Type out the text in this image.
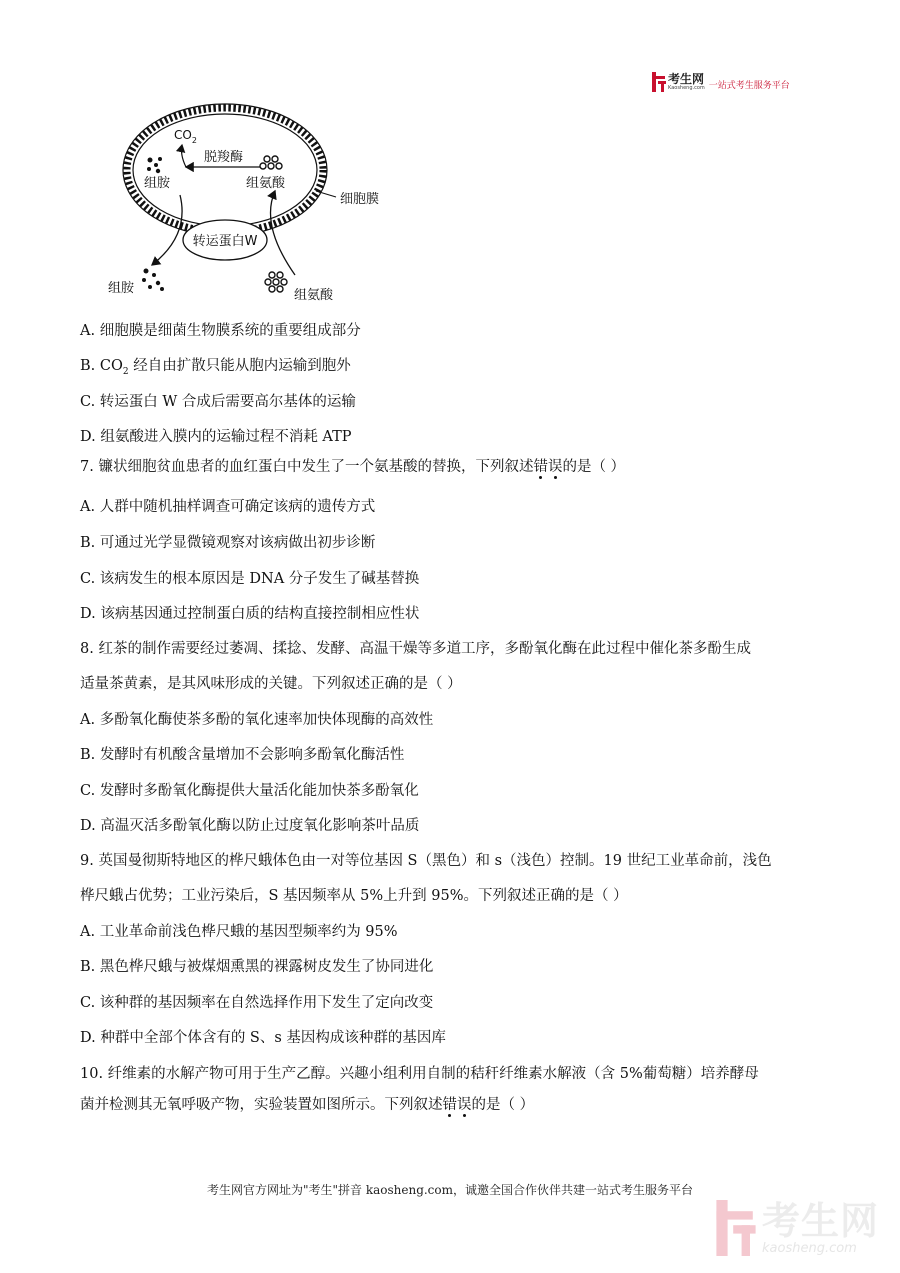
考生网
Kaosheng.com 一站式考生服务平台
转运蛋白W
$CO_2$
脱羧酶
组胺	组氨酸
细胞膜
组胺	组氨酸
A. 细胞膜是细菌生物膜系统的重要组成部分
B. $CO_2$ 经自由扩散只能从胞内运输到胞外
C. 转运蛋白 W 合成后需要高尔基体的运输
D. 组氨酸进入膜内的运输过程不消耗 ATP
7. 镰状细胞贫血患者的血红蛋白中发生了一个氨基酸的替换，下列叙述错误的是（ ）
A. 人群中随机抽样调查可确定该病的遗传方式
B. 可通过光学显微镜观察对该病做出初步诊断
C. 该病发生的根本原因是 DNA 分子发生了碱基替换
D. 该病基因通过控制蛋白质的结构直接控制相应性状
8. 红茶的制作需要经过萎凋、揉捻、发酵、高温干燥等多道工序，多酚氧化酶在此过程中催化茶多酚生成
适量茶黄素，是其风味形成的关键。下列叙述正确的是（ ）
A. 多酚氧化酶使茶多酚的氧化速率加快体现酶的高效性
B. 发酵时有机酸含量增加不会影响多酚氧化酶活性
C. 发酵时多酚氧化酶提供大量活化能加快茶多酚氧化
D. 高温灭活多酚氧化酶以防止过度氧化影响茶叶品质
9. 英国曼彻斯特地区的桦尺蛾体色由一对等位基因 S（黑色）和 s（浅色）控制。19 世纪工业革命前，浅色
桦尺蛾占优势；工业污染后，S 基因频率从 5%上升到 95%。下列叙述正确的是（ ）
A. 工业革命前浅色桦尺蛾的基因型频率约为 95%
B. 黑色桦尺蛾与被煤烟熏黑的裸露树皮发生了协同进化
C. 该种群的基因频率在自然选择作用下发生了定向改变
D. 种群中全部个体含有的 S、s 基因构成该种群的基因库
10. 纤维素的水解产物可用于生产乙醇。兴趣小组利用自制的秸秆纤维素水解液（含 5%葡萄糖）培养酵母
菌并检测其无氧呼吸产物，实验装置如图所示。下列叙述错误的是（ ）
考生网官方网址为"考生"拼音 kaosheng.com，诚邀全国合作伙伴共建一站式考生服务平台
考生网
kaosheng.com
